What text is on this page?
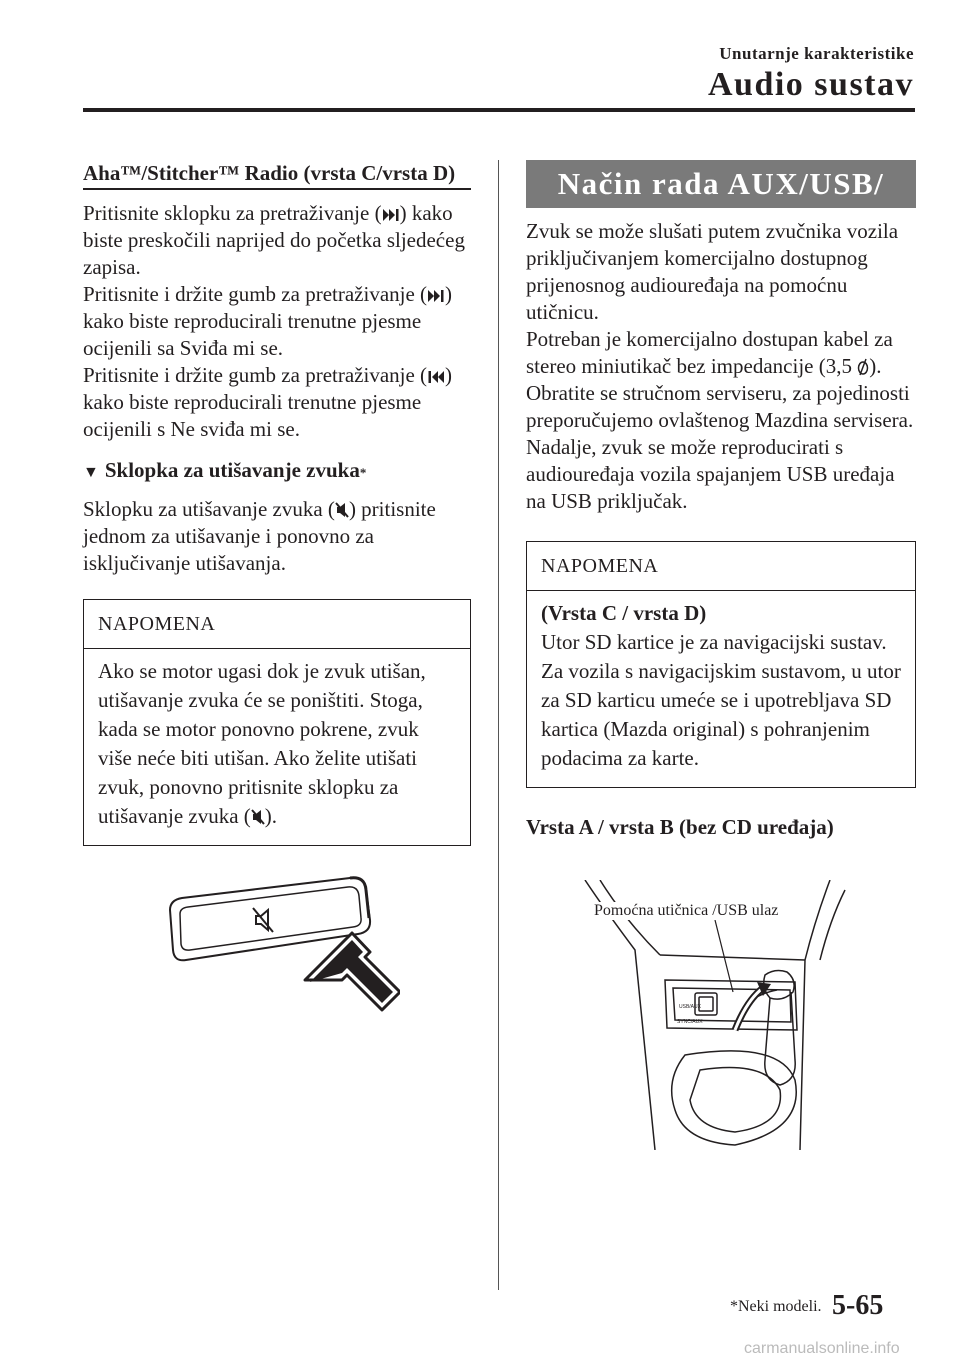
Unutarnje karakteristike
Audio sustav
Aha™/Stitcher™ Radio (vrsta C/vrsta D)
Pritisnite sklopku za pretraživanje ( ) kako biste preskočili naprijed do početka sljedećeg zapisa.
Pritisnite i držite gumb za pretraživanje ( ) kako biste reproducirali trenutne pjesme ocijenili sa Sviđa mi se.
Pritisnite i držite gumb za pretraživanje ( ) kako biste reproducirali trenutne pjesme ocijenili s Ne sviđa mi se.
▼ Sklopka za utišavanje zvuka *
Sklopku za utišavanje zvuka ( ) pritisnite jednom za utišavanje i ponovno za isključivanje utišavanja.
NAPOMENA
Ako se motor ugasi dok je zvuk utišan, utišavanje zvuka će se poništiti. Stoga, kada se motor ponovno pokrene, zvuk više neće biti utišan. Ako želite utišati zvuk, ponovno pritisnite sklopku za utišavanje zvuka ( ).
Način rada AUX/USB/
Zvuk se može slušati putem zvučnika vozila priključivanjem komercijalno dostupnog prijenosnog audiouređaja na pomoćnu utičnicu.
Potreban je komercijalno dostupan kabel za stereo miniutikač bez impedancije (3,5 ). Obratite se stručnom serviseru, za pojedinosti preporučujemo ovlaštenog Mazdina servisera.
Nadalje, zvuk se može reproducirati s audiouređaja vozila spajanjem USB uređaja na USB priključak.
NAPOMENA
(Vrsta C / vrsta D)
Utor SD kartice je za navigacijski sustav. Za vozila s navigacijskim sustavom, u utor za SD karticu umeće se i upotrebljava SD kartica (Mazda original) s pohranjenim podacima za karte.
Vrsta A / vrsta B (bez CD uređaja)
USB/AUX
SYNC/AUX
Pomoćna utičnica /USB ulaz
*Neki modeli. 5-65
carmanualsonline.info
